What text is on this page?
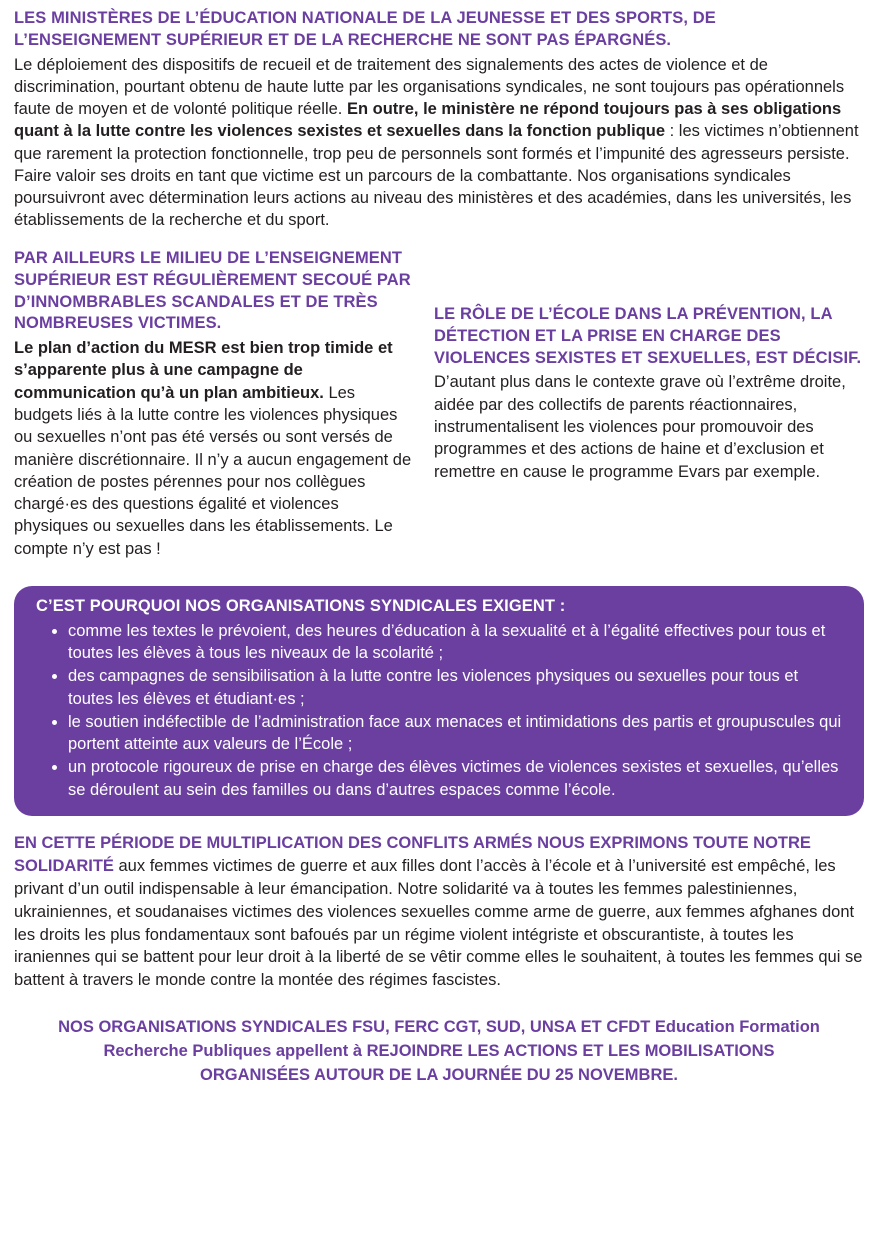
LES MINISTÈRES DE L’ÉDUCATION NATIONALE DE LA JEUNESSE ET DES SPORTS, DE L’ENSEIGNEMENT SUPÉRIEUR ET DE LA RECHERCHE NE SONT PAS ÉPARGNÉS.

Le déploiement des dispositifs de recueil et de traitement des signalements des actes de violence et de discrimination, pourtant obtenu de haute lutte par les organisations syndicales, ne sont toujours pas opérationnels faute de moyen et de volonté politique réelle. En outre, le ministère ne répond toujours pas à ses obligations quant à la lutte contre les violences sexistes et sexuelles dans la fonction publique : les victimes n’obtiennent que rarement la protection fonctionnelle, trop peu de personnels sont formés et l’impunité des agresseurs persiste. Faire valoir ses droits en tant que victime est un parcours de la combattante. Nos organisations syndicales poursuivront avec détermination leurs actions au niveau des ministères et des académies, dans les universités, les établissements de la recherche et du sport.

PAR AILLEURS LE MILIEU DE L’ENSEIGNEMENT SUPÉRIEUR EST RÉGULIÈREMENT SECOUÉ PAR D’INNOMBRABLES SCANDALES ET DE TRÈS NOMBREUSES VICTIMES.

Le plan d’action du MESR est bien trop timide et s’apparente plus à une campagne de communication qu’à un plan ambitieux. Les budgets liés à la lutte contre les violences physiques ou sexuelles n’ont pas été versés ou sont versés de manière discrétionnaire. Il n’y a aucun engagement de création de postes pérennes pour nos collègues chargé·es des questions égalité et violences physiques ou sexuelles dans les établissements. Le compte n’y est pas !

LE RÔLE DE L’ÉCOLE DANS LA PRÉVENTION, LA DÉTECTION ET LA PRISE EN CHARGE DES VIOLENCES SEXISTES ET SEXUELLES, EST DÉCISIF.

D’autant plus dans le contexte grave où l’extrême droite, aidée par des collectifs de parents réactionnaires, instrumentalisent les violences pour promouvoir des programmes et des actions de haine et d’exclusion et remettre en cause le programme Evars par exemple.

C’EST POURQUOI NOS ORGANISATIONS SYNDICALES EXIGENT :
• comme les textes le prévoient, des heures d’éducation à la sexualité et à l’égalité effectives pour tous et toutes les élèves à tous les niveaux de la scolarité ;
• des campagnes de sensibilisation à la lutte contre les violences physiques ou sexuelles pour tous et toutes les élèves et étudiant·es ;
• le soutien indéfectible de l’administration face aux menaces et intimidations des partis et groupuscules qui portent atteinte aux valeurs de l’École ;
• un protocole rigoureux de prise en charge des élèves victimes de violences sexistes et sexuelles, qu’elles se déroulent au sein des familles ou dans d’autres espaces comme l’école.

EN CETTE PÉRIODE DE MULTIPLICATION DES CONFLITS ARMÉS NOUS EXPRIMONS TOUTE NOTRE SOLIDARITÉ aux femmes victimes de guerre et aux filles dont l’accès à l’école et à l’université est empêché, les privant d’un outil indispensable à leur émancipation. Notre solidarité va à toutes les femmes palestiniennes, ukrainiennes, et soudanaises victimes des violences sexuelles comme arme de guerre, aux femmes afghanes dont les droits les plus fondamentaux sont bafoués par un régime violent intégriste et obscurantiste, à toutes les iraniennes qui se battent pour leur droit à la liberté de se vêtir comme elles le souhaitent, à toutes les femmes qui se battent à travers le monde contre la montée des régimes fascistes.

NOS ORGANISATIONS SYNDICALES FSU, FERC CGT, SUD, UNSA ET CFDT Education Formation Recherche Publiques appellent à REJOINDRE LES ACTIONS ET LES MOBILISATIONS ORGANISÉES AUTOUR DE LA JOURNÉE DU 25 NOVEMBRE.
